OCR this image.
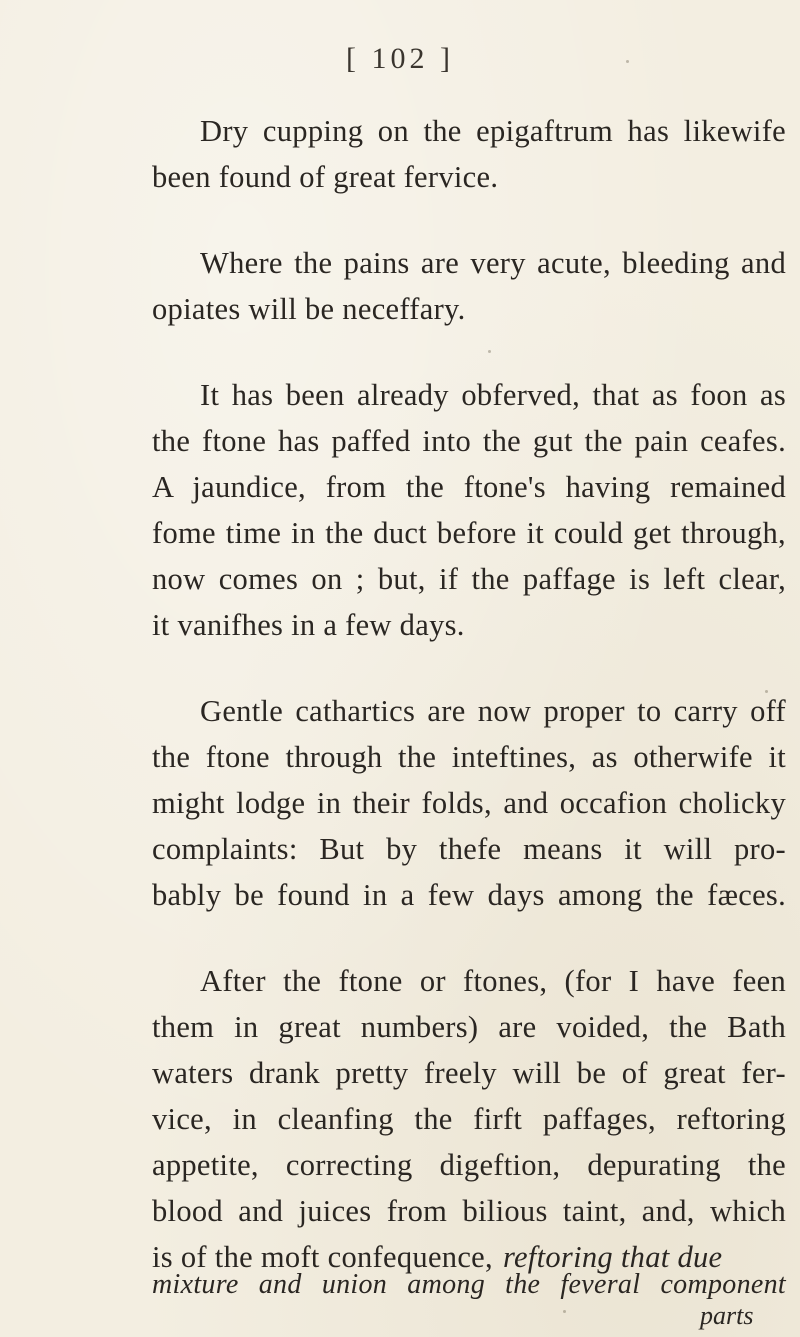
[ 102 ]
Dry cupping on the epigaftrum has likewife
been found of great fervice.
Where the pains are very acute, bleeding and
opiates will be neceffary.
It has been already obferved, that as foon as
the ftone has paffed into the gut the pain ceafes.
A jaundice, from the ftone's having remained
fome time in the duct before it could get through,
now comes on ; but, if the paffage is left clear,
it vanifhes in a few days.
Gentle cathartics are now proper to carry off
the ftone through the inteftines, as otherwife it
might lodge in their folds, and occafion cholicky
complaints: But by thefe means it will pro-
bably be found in a few days among the fæces.
After the ftone or ftones, (for I have feen
them in great numbers) are voided, the Bath
waters drank pretty freely will be of great fer-
vice, in cleanfing the firft paffages, reftoring
appetite, correcting digeftion, depurating the
blood and juices from bilious taint, and, which
is of the moft confequence, reftoring that due
mixture and union among the feveral component
parts
